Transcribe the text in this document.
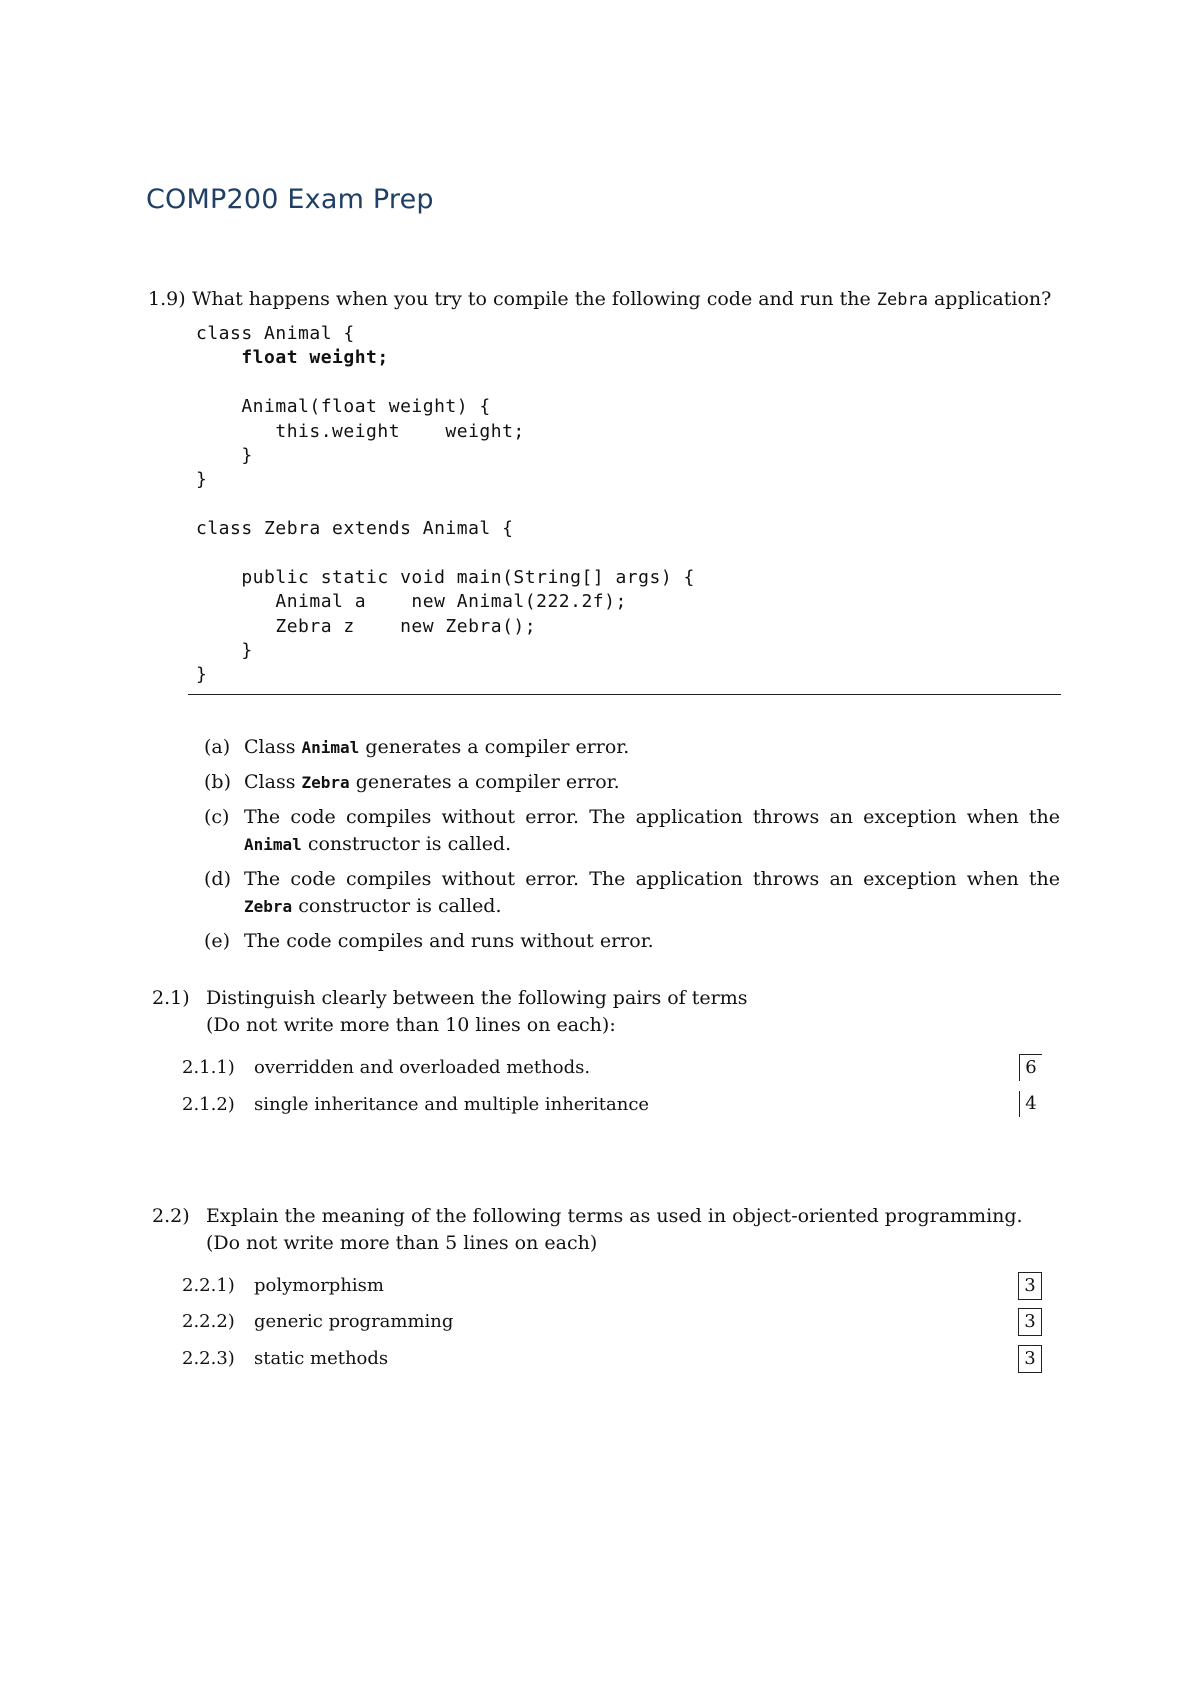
COMP200 Exam Prep
1.9) What happens when you try to compile the following code and run the Zebra application?
class Animal {
float weight;
Animal(float weight) {
this.weight    weight;
}
}
class Zebra extends Animal {
public static void main(String[] args) {
Animal a    new Animal(222.2f);
Zebra z    new Zebra();
}
}
(a) Class Animal generates a compiler error.
(b) Class Zebra generates a compiler error.
(c) The code compiles without error. The application throws an exception when the
Animal constructor is called.
(d) The code compiles without error. The application throws an exception when the
Zebra constructor is called.
(e) The code compiles and runs without error.
2.1) Distinguish clearly between the following pairs of terms
(Do not write more than 10 lines on each):
2.1.1) overridden and overloaded methods.	6
2.1.2) single inheritance and multiple inheritance	4
2.2) Explain the meaning of the following terms as used in object-oriented programming.
(Do not write more than 5 lines on each)
2.2.1) polymorphism	3
2.2.2) generic programming	3
2.2.3) static methods	3
